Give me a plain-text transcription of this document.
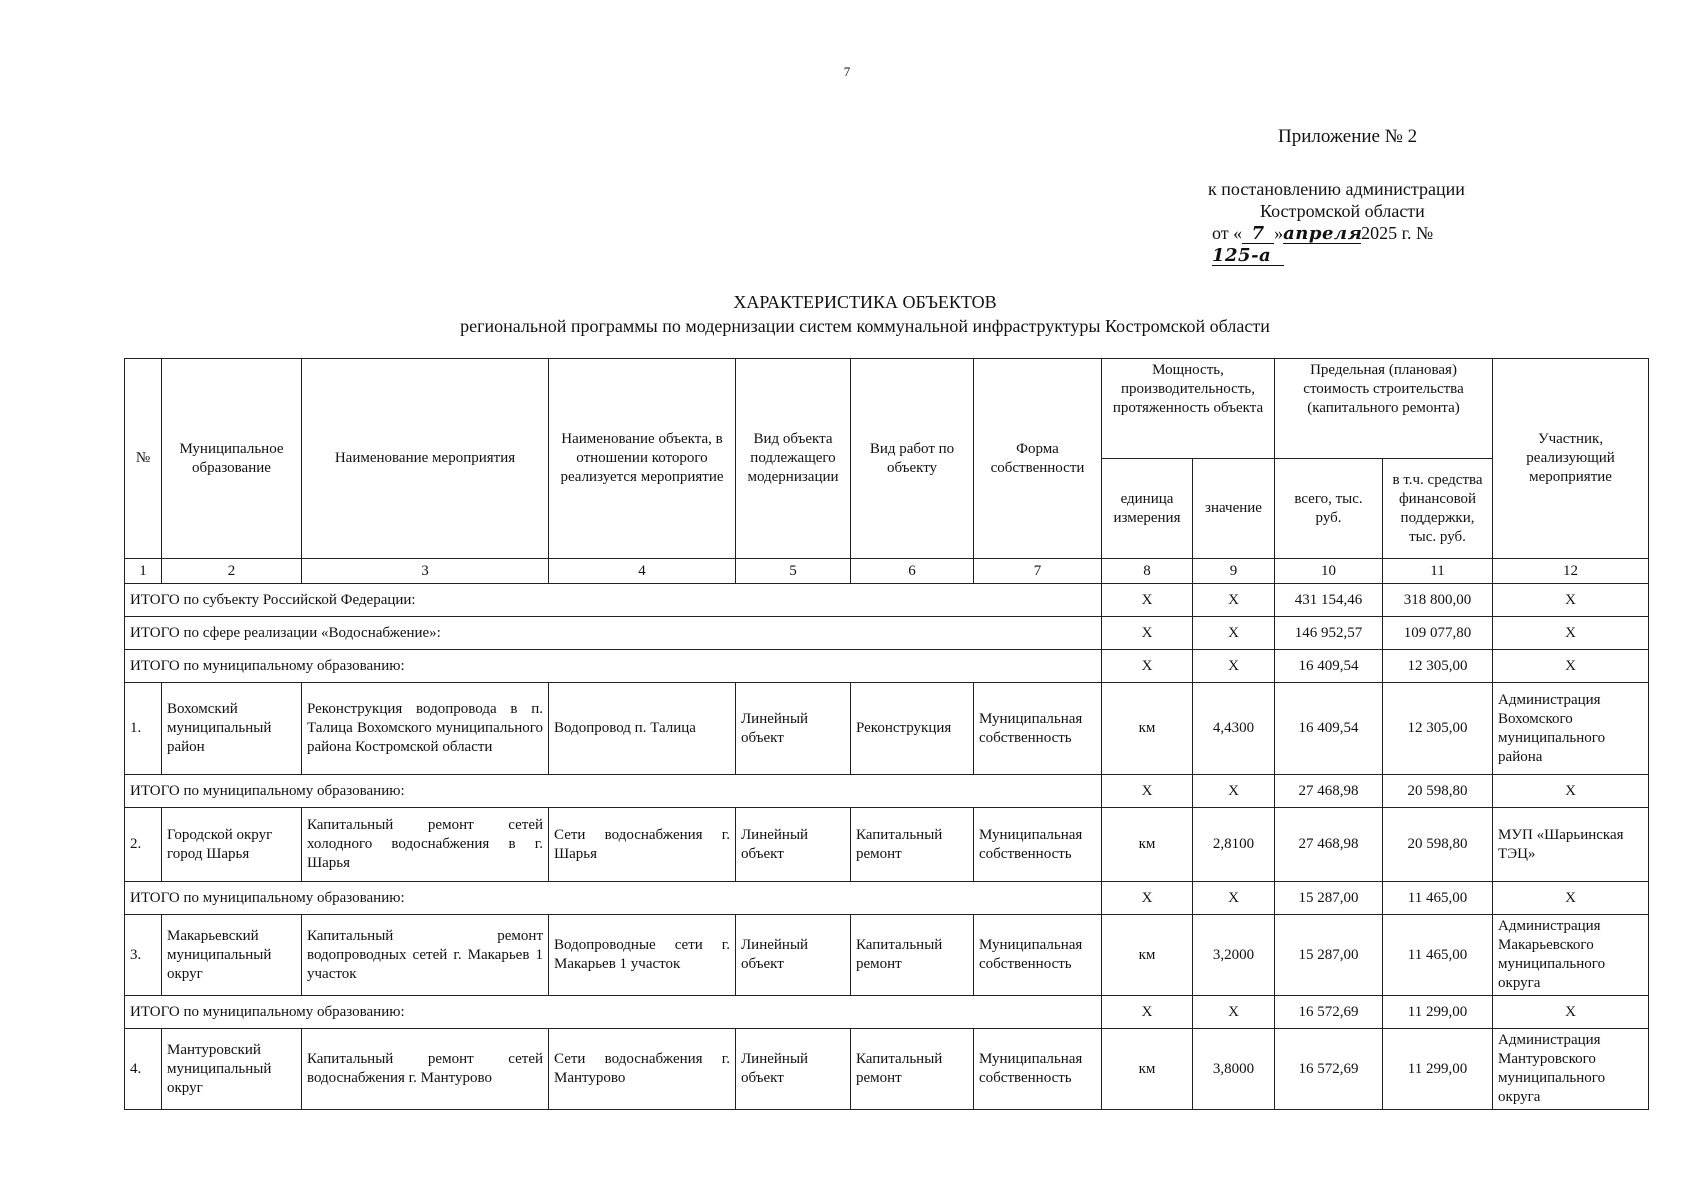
7
Приложение № 2
к постановлению администрации
Костромской области
от « 7 »апреля2025 г. №125-а
ХАРАКТЕРИСТИКА ОБЪЕКТОВ
региональной программы по модернизации систем коммунальной инфраструктуры Костромской области
№	Муниципальное образование	Наименование мероприятия	Наименование объекта, в отношении которого реализуется мероприятие	Вид объекта подлежащего модернизации	Вид работ по объекту	Форма собственности	Мощность, производительность, протяженность объекта		Предельная (плановая) стоимость строительства (капитального ремонта)		Участник, реализующий мероприятие
							единица измерения	значение	всего, тыс. руб.	в т.ч. средства финансовой поддержки, тыс. руб.	
1	2	3	4	5	6	7	8	9	10	11	12
ИТОГО по субъекту Российской Федерации:							Х	Х	431 154,46	318 800,00	Х
ИТОГО по сфере реализации «Водоснабжение»:							Х	Х	146 952,57	109 077,80	Х
ИТОГО по муниципальному образованию:							Х	Х	16 409,54	12 305,00	Х
1.	Вохомский муниципальный район	Реконструкция водопровода в п. Талица Вохомского муниципального района Костромской области	Водопровод п. Талица	Линейный объект	Реконструкция	Муниципальная собственность	км	4,4300	16 409,54	12 305,00	Администрация Вохомского муниципального района
ИТОГО по муниципальному образованию:							Х	Х	27 468,98	20 598,80	Х
2.	Городской округ город Шарья	Капитальный ремонт сетей холодного водоснабжения в г. Шарья	Сети водоснабжения г. Шарья	Линейный объект	Капитальный ремонт	Муниципальная собственность	км	2,8100	27 468,98	20 598,80	МУП «Шарьинская ТЭЦ»
ИТОГО по муниципальному образованию:							Х	Х	15 287,00	11 465,00	Х
3.	Макарьевский муниципальный округ	Капитальный ремонт водопроводных сетей г. Макарьев 1 участок	Водопроводные сети г. Макарьев 1 участок	Линейный объект	Капитальный ремонт	Муниципальная собственность	км	3,2000	15 287,00	11 465,00	Администрация Макарьевского муниципального округа
ИТОГО по муниципальному образованию:							Х	Х	16 572,69	11 299,00	Х
4.	Мантуровский муниципальный округ	Капитальный ремонт сетей водоснабжения г. Мантурово	Сети водоснабжения г. Мантурово	Линейный объект	Капитальный ремонт	Муниципальная собственность	км	3,8000	16 572,69	11 299,00	Администрация Мантуровского муниципального округа
